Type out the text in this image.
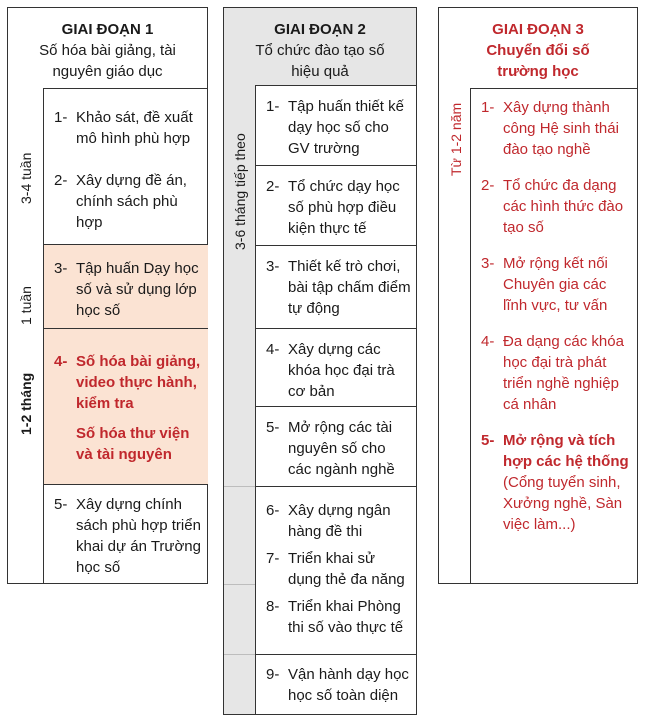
GIAI ĐOẠN 1
Số hóa bài giảng, tài nguyên giáo dục
3-4 tuần
1 tuần
1-2 tháng
1- Khảo sát, đề xuất mô hình phù hợp
2- Xây dựng đề án, chính sách phù hợp
3- Tập huấn Dạy học số và sử dụng lớp học số
4- Số hóa bài giảng, video thực hành, kiểm tra
Số hóa thư viện và tài nguyên
5- Xây dựng chính sách phù hợp triển khai dự án Trường học số
GIAI ĐOẠN 2
Tổ chức đào tạo số hiệu quả
3-6 tháng tiếp theo
1- Tập huấn thiết kế dạy học số cho GV trường
2- Tổ chức dạy học số phù hợp điều kiện thực tế
3- Thiết kế trò chơi, bài tập chấm điểm tự động
4- Xây dựng các khóa học đại trà cơ bản
5- Mở rộng các tài nguyên số cho các ngành nghề
6- Xây dựng ngân hàng đề thi
7- Triển khai sử dụng thẻ đa năng
8- Triển khai Phòng thi số vào thực tế
9- Vận hành dạy học học số toàn diện
GIAI ĐOẠN 3
Chuyển đổi số trường học
Từ 1-2 năm 1- Xây dựng thành công Hệ sinh thái đào tạo nghề
2- Tổ chức đa dạng các hình thức đào tạo số
3- Mở rộng kết nối Chuyên gia các lĩnh vực, tư vấn
4- Đa dạng các khóa học đại trà phát triển nghề nghiệp cá nhân
5- Mở rộng và tích hợp các hệ thống
(Cổng tuyển sinh, Xưởng nghề, Sàn việc làm...)
